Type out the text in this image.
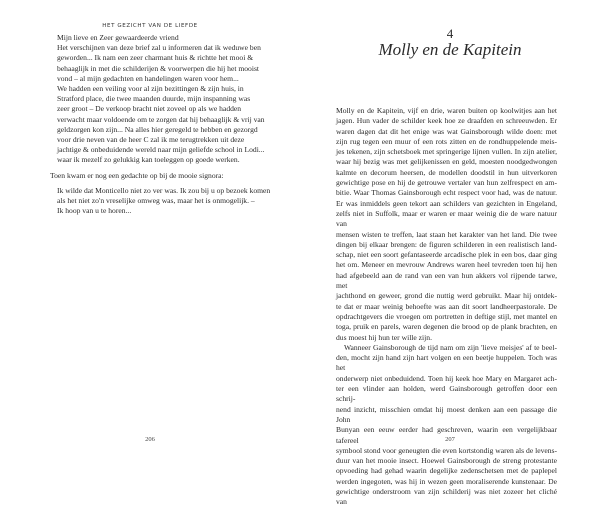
HET GEZICHT VAN DE LIEFDE
Mijn lieve en Zeer gewaardeerde vriend
Het verschijnen van deze brief zal u informeren dat ik weduwe ben
geworden... Ik nam een zeer charmant huis & richtte het mooi &
behaaglijk in met die schilderijen & voorwerpen die hij het mooist
vond – al mijn gedachten en handelingen waren voor hem...
We hadden een veiling voor al zijn bezittingen & zijn huis, in
Stratford place, die twee maanden duurde, mijn inspanning was
zeer groot – De verkoop bracht niet zoveel op als we hadden
verwacht maar voldoende om te zorgen dat hij behaaglijk & vrij van
geldzorgen kon zijn... Na alles hier geregeld te hebben en gezorgd
voor drie neven van de heer C zal ik me terugtrekken uit deze
jachtige & onbeduidende wereld naar mijn geliefde school in Lodi...
waar ik mezelf zo gelukkig kan toeleggen op goede werken.
Toen kwam er nog een gedachte op bij de mooie signora:
Ik wilde dat Monticello niet zo ver was. Ik zou bij u op bezoek komen
als het niet zo'n vreselijke omweg was, maar het is onmogelijk. –
Ik hoop van u te horen...
206
4
Molly en de Kapitein
Molly en de Kapitein, vijf en drie, waren buiten op koolwitjes aan het
jagen. Hun vader de schilder keek hoe ze draafden en schreeuwden. Er
waren dagen dat dit het enige was wat Gainsborough wilde doen: met
zijn rug tegen een muur of een rots zitten en de rondhuppelende meis-
jes tekenen, zijn schetsboek met springerige lijnen vullen. In zijn atelier,
waar hij bezig was met gelijkenissen en geld, moesten noodgedwongen
kalmte en decorum heersen, de modellen doodstil in hun uitverkoren
gewichtige pose en hij de getrouwe vertaler van hun zelfrespect en am-
bitie. Waar Thomas Gainsborough echt respect voor had, was de natuur.
Er was inmiddels geen tekort aan schilders van gezichten in Engeland,
zelfs niet in Suffolk, maar er waren er maar weinig die de ware natuur van
mensen wisten te treffen, laat staan het karakter van het land. Die twee
dingen bij elkaar brengen: de figuren schilderen in een realistisch land-
schap, niet een soort gefantaseerde arcadische plek in een bos, daar ging
het om. Meneer en mevrouw Andrews waren heel tevreden toen hij hen
had afgebeeld aan de rand van een van hun akkers vol rijpende tarwe, met
jachthond en geweer, grond die nuttig werd gebruikt. Maar hij ontdek-
te dat er maar weinig behoefte was aan dit soort landheerpastorale. De
opdrachtgevers die vroegen om portretten in deftige stijl, met mantel en
toga, pruik en parels, waren degenen die brood op de plank brachten, en
dus moest hij hun ter wille zijn.
Wanneer Gainsborough de tijd nam om zijn 'lieve meisjes' af te beel-
den, mocht zijn hand zijn hart volgen en een beetje huppelen. Toch was het
onderwerp niet onbeduidend. Toen hij keek hoe Mary en Margaret ach-
ter een vlinder aan holden, werd Gainsborough getroffen door een schrij-
nend inzicht, misschien omdat hij moest denken aan een passage die John
Bunyan een eeuw eerder had geschreven, waarin een vergelijkbaar tafereel
symbool stond voor geneugten die even kortstondig waren als de levens-
duur van het mooie insect. Hoewel Gainsborough de streng protestante
opvoeding had gehad waarin degelijke zedenschetsen met de paplepel
werden ingegoten, was hij in wezen geen moraliserende kunstenaar. De
gewichtige onderstroom van zijn schilderij was niet zozeer het cliché van
207
